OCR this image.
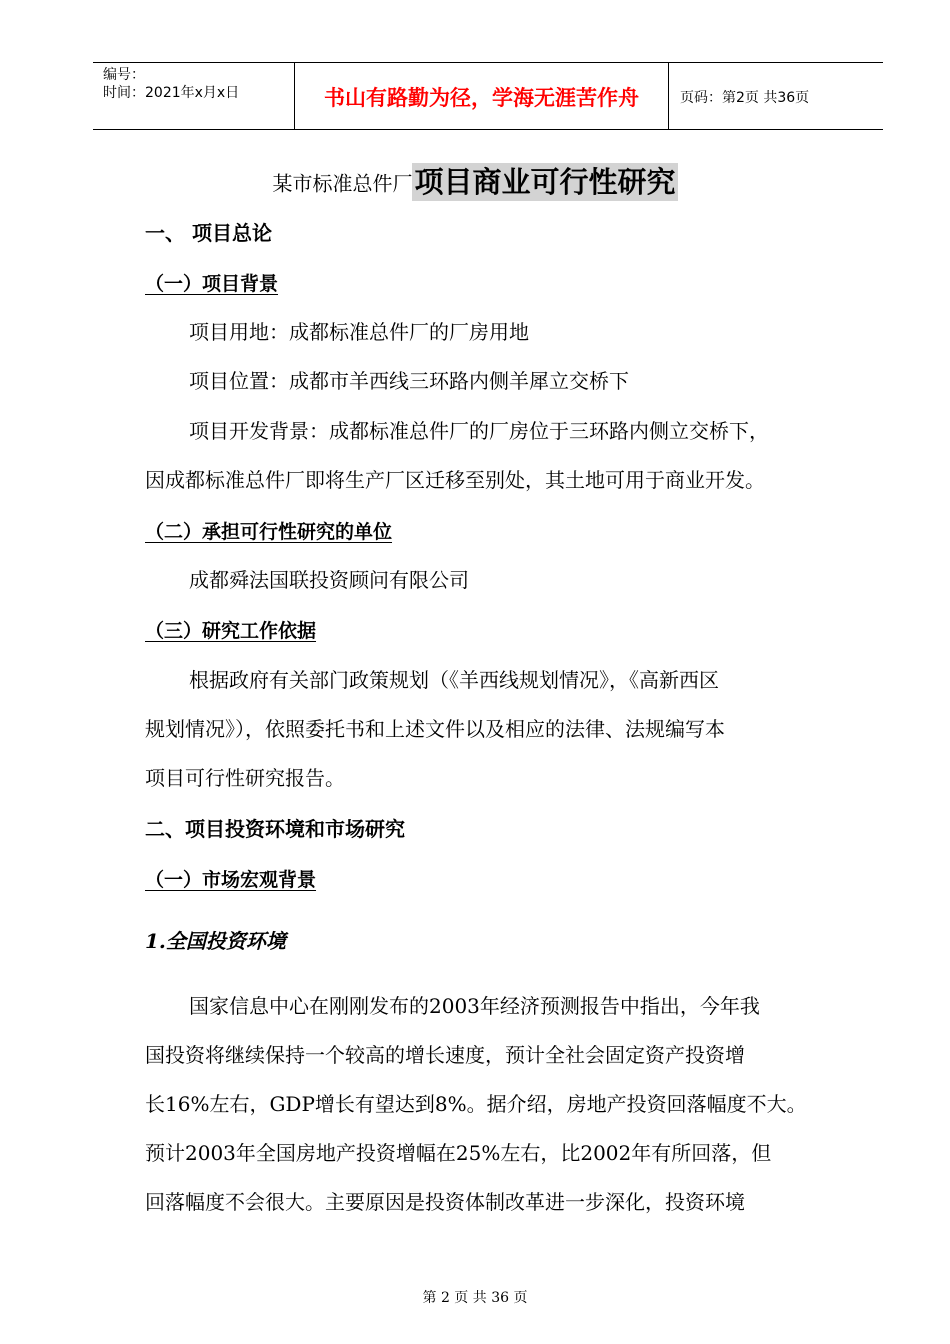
编号：
时间：2021年x月x日	书山有路勤为径，学海无涯苦作舟	页码：第2页 共36页
某市标准总件厂项目商业可行性研究
一、 项目总论
（一）项目背景
项目用地：成都标准总件厂的厂房用地
项目位置：成都市羊西线三环路内侧羊犀立交桥下
项目开发背景：成都标准总件厂的厂房位于三环路内侧立交桥下，
因成都标准总件厂即将生产厂区迁移至别处，其土地可用于商业开发。
（二）承担可行性研究的单位
成都舜法国联投资顾问有限公司
（三）研究工作依据
根据政府有关部门政策规划（《羊西线规划情况》，《高新西区
规划情况》），依照委托书和上述文件以及相应的法律、法规编写本
项目可行性研究报告。
二、项目投资环境和市场研究
（一）市场宏观背景
1.全国投资环境
国家信息中心在刚刚发布的2003年经济预测报告中指出，今年我
国投资将继续保持一个较高的增长速度，预计全社会固定资产投资增
长16%左右，GDP增长有望达到8%。据介绍，房地产投资回落幅度不大。
预计2003年全国房地产投资增幅在25%左右，比2002年有所回落，但
回落幅度不会很大。主要原因是投资体制改革进一步深化，投资环境
第 2 页 共 36 页
